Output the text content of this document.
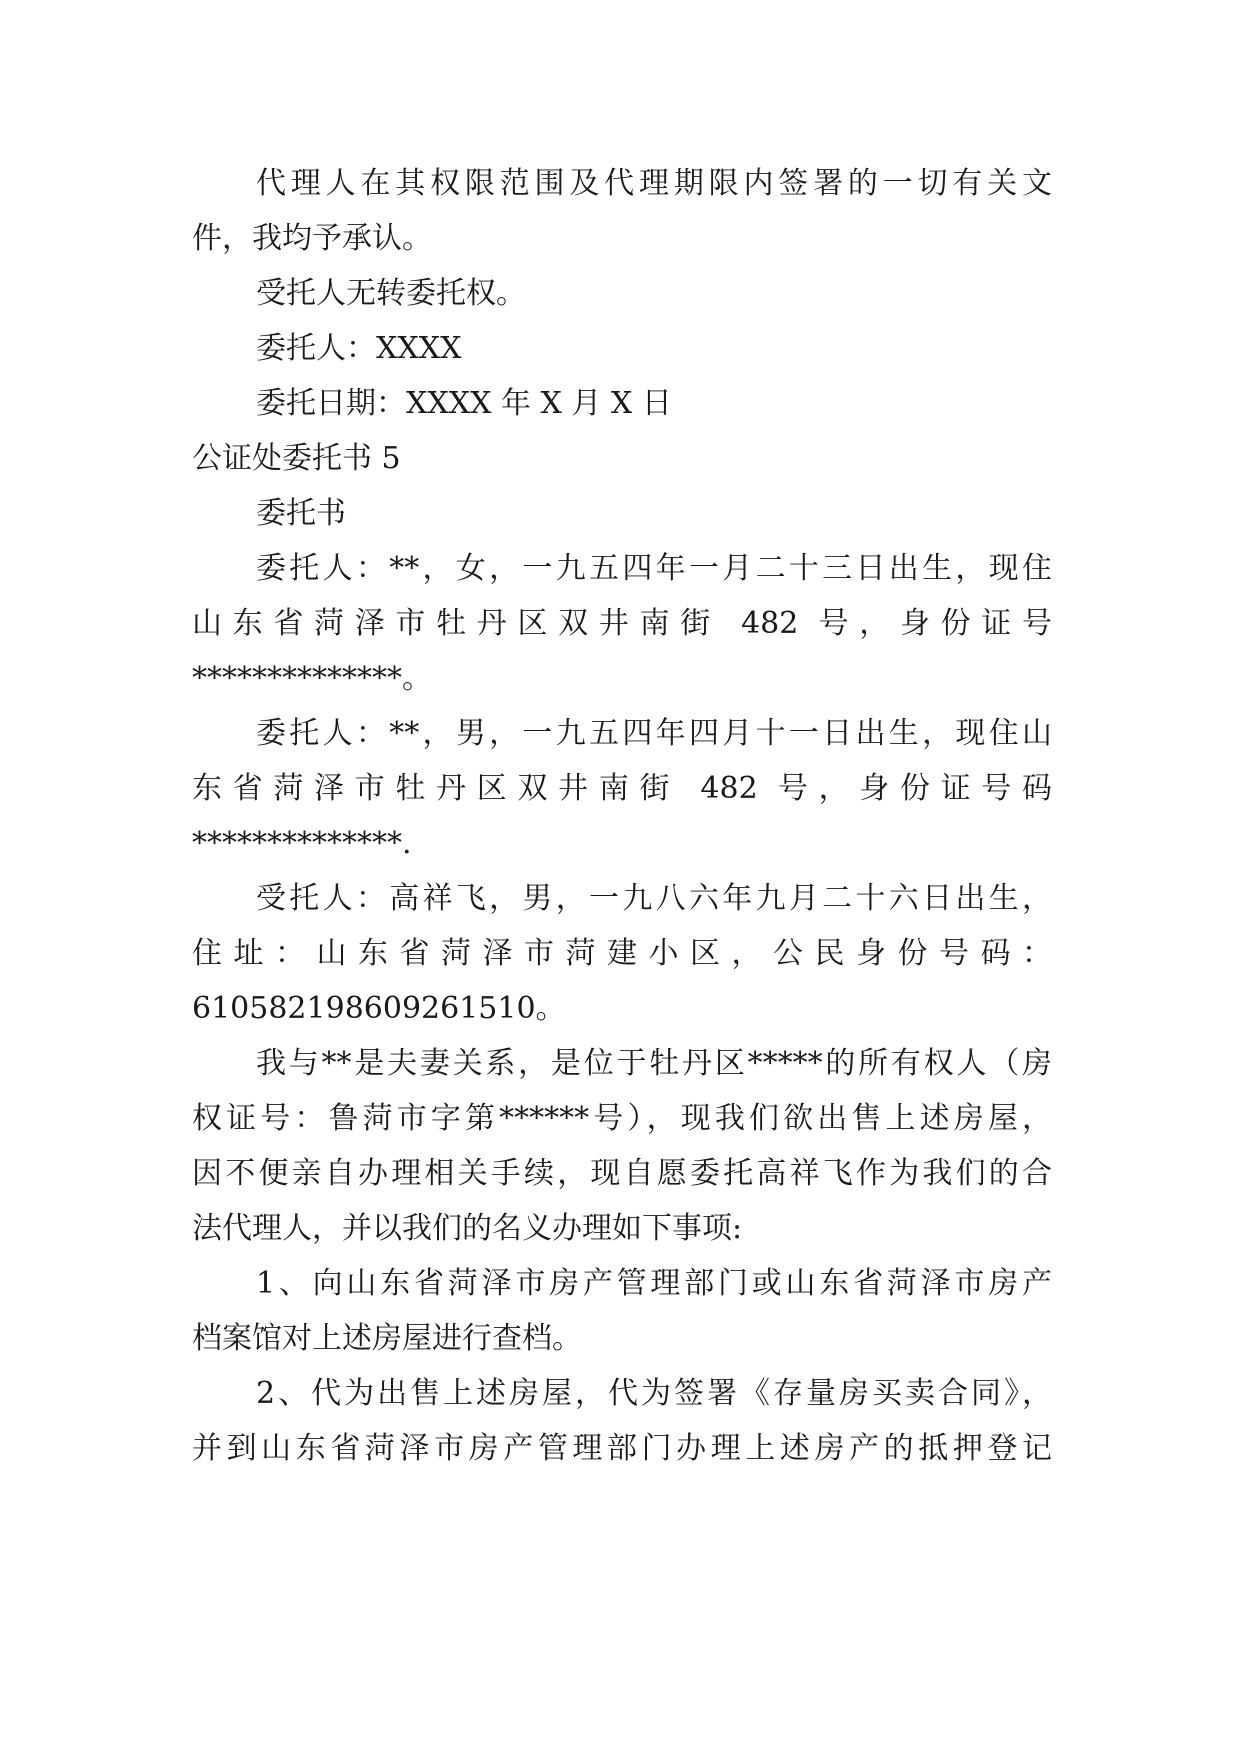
代理人在其权限范围及代理期限内签署的一切有关文
件，我均予承认。
受托人无转委托权。
委托人：XXXX
委托日期：XXXX 年 X 月 X 日
公证处委托书 5
委托书
委托人：**，女，一九五四年一月二十三日出生，现住
山东省菏泽市牡丹区双井南街 482 号，身份证号
**************。
委托人：**，男，一九五四年四月十一日出生，现住山
东省菏泽市牡丹区双井南街 482 号，身份证号码
**************.
受托人：高祥飞，男，一九八六年九月二十六日出生，
住址：山东省菏泽市菏建小区，公民身份号码：
610582198609261510。
我与**是夫妻关系，是位于牡丹区*****的所有权人（房
权证号：鲁菏市字第******号），现我们欲出售上述房屋，
因不便亲自办理相关手续，现自愿委托高祥飞作为我们的合
法代理人，并以我们的名义办理如下事项:
1、向山东省菏泽市房产管理部门或山东省菏泽市房产
档案馆对上述房屋进行查档。
2、代为出售上述房屋，代为签署《存量房买卖合同》，
并到山东省菏泽市房产管理部门办理上述房产的抵押登记
